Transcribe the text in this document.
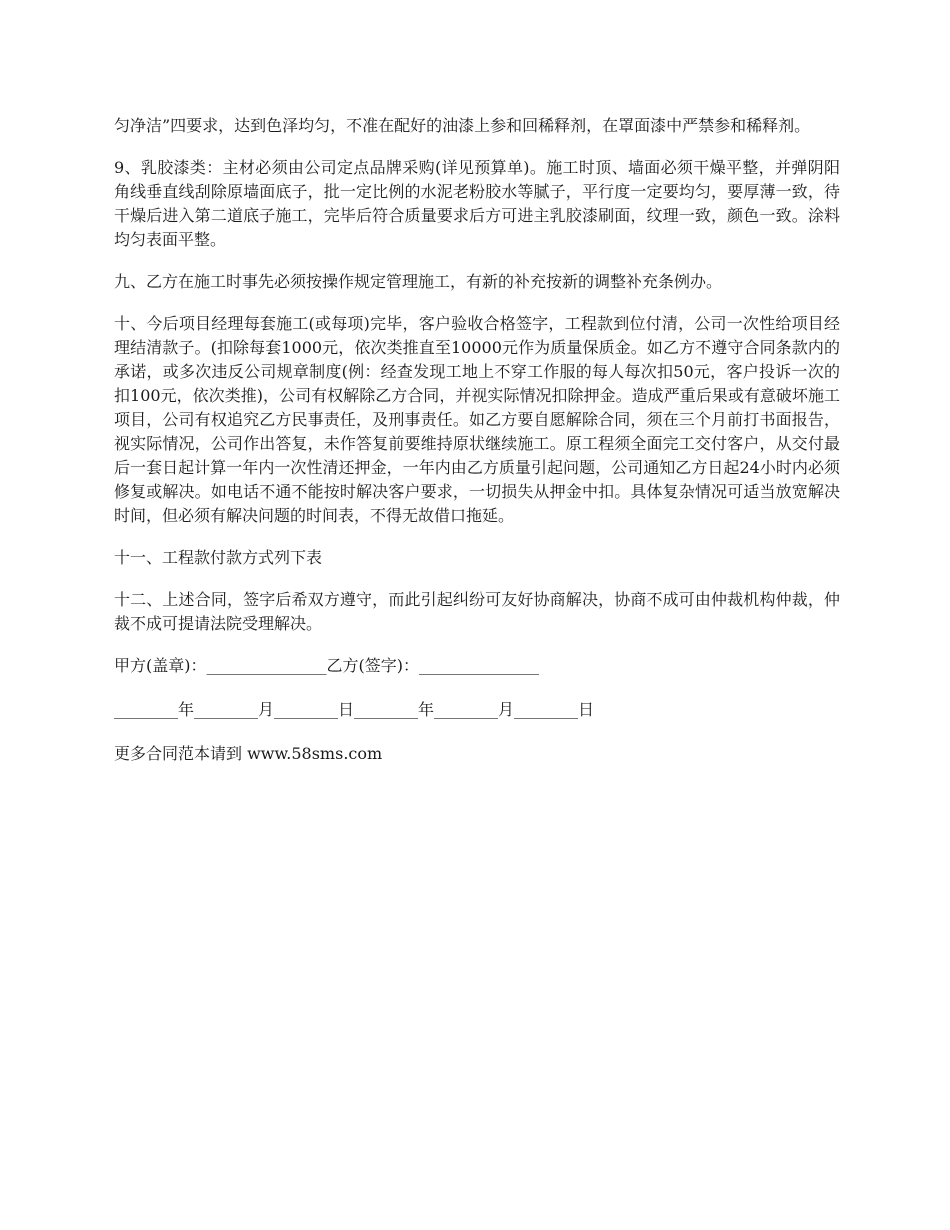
匀净洁”四要求，达到色泽均匀，不准在配好的油漆上参和回稀释剂，在罩面漆中严禁参和稀释剂。

9、乳胶漆类：主材必须由公司定点品牌采购(详见预算单)。施工时顶、墙面必须干燥平整，并弹阴阳角线垂直线刮除原墙面底子，批一定比例的水泥老粉胶水等腻子，平行度一定要均匀，要厚薄一致，待干燥后进入第二道底子施工，完毕后符合质量要求后方可进主乳胶漆刷面，纹理一致，颜色一致。涂料均匀表面平整。

九、乙方在施工时事先必须按操作规定管理施工，有新的补充按新的调整补充条例办。

十、今后项目经理每套施工(或每项)完毕，客户验收合格签字，工程款到位付清，公司一次性给项目经理结清款子。(扣除每套1000元，依次类推直至10000元作为质量保质金。如乙方不遵守合同条款内的承诺，或多次违反公司规章制度(例：经查发现工地上不穿工作服的每人每次扣50元，客户投诉一次的扣100元，依次类推)，公司有权解除乙方合同，并视实际情况扣除押金。造成严重后果或有意破坏施工项目，公司有权追究乙方民事责任，及刑事责任。如乙方要自愿解除合同，须在三个月前打书面报告，视实际情况，公司作出答复，未作答复前要维持原状继续施工。原工程须全面完工交付客户，从交付最后一套日起计算一年内一次性清还押金，一年内由乙方质量引起问题，公司通知乙方日起24小时内必须修复或解决。如电话不通不能按时解决客户要求，一切损失从押金中扣。具体复杂情况可适当放宽解决时间，但必须有解决问题的时间表，不得无故借口拖延。

十一、工程款付款方式列下表

十二、上述合同，签字后希双方遵守，而此引起纠纷可友好协商解决，协商不成可由仲裁机构仲裁，仲裁不成可提请法院受理解决。

甲方(盖章)：_______________乙方(签字)：_______________

________年________月________日________年________月________日

更多合同范本请到 www.58sms.com
